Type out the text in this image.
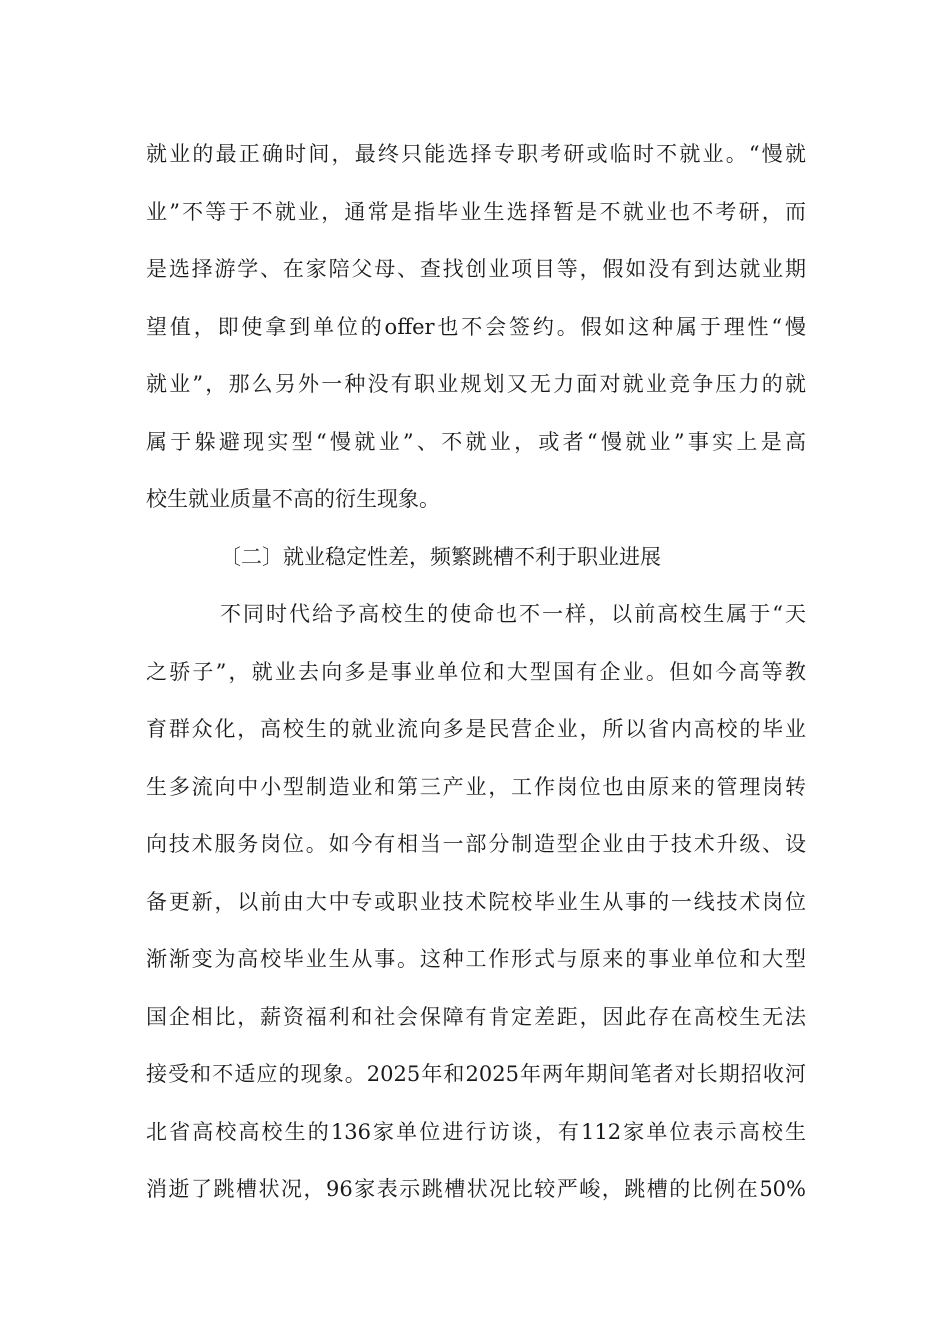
就业的最正确时间，最终只能选择专职考研或临时不就业。“慢就
业”不等于不就业，通常是指毕业生选择暂是不就业也不考研，而
是选择游学、在家陪父母、查找创业项目等，假如没有到达就业期
望值，即使拿到单位的offer也不会签约。假如这种属于理性“慢
就业”，那么另外一种没有职业规划又无力面对就业竞争压力的就
属于躲避现实型“慢就业”、不就业，或者“慢就业”事实上是高
校生就业质量不高的衍生现象。
〔二〕就业稳定性差，频繁跳槽不利于职业进展
不同时代给予高校生的使命也不一样，以前高校生属于“天
之骄子”，就业去向多是事业单位和大型国有企业。但如今高等教
育群众化，高校生的就业流向多是民营企业，所以省内高校的毕业
生多流向中小型制造业和第三产业，工作岗位也由原来的管理岗转
向技术服务岗位。如今有相当一部分制造型企业由于技术升级、设
备更新，以前由大中专或职业技术院校毕业生从事的一线技术岗位
渐渐变为高校毕业生从事。这种工作形式与原来的事业单位和大型
国企相比，薪资福利和社会保障有肯定差距，因此存在高校生无法
接受和不适应的现象。2025年和2025年两年期间笔者对长期招收河
北省高校高校生的136家单位进行访谈，有112家单位表示高校生
消逝了跳槽状况，96家表示跳槽状况比较严峻，跳槽的比例在50%
